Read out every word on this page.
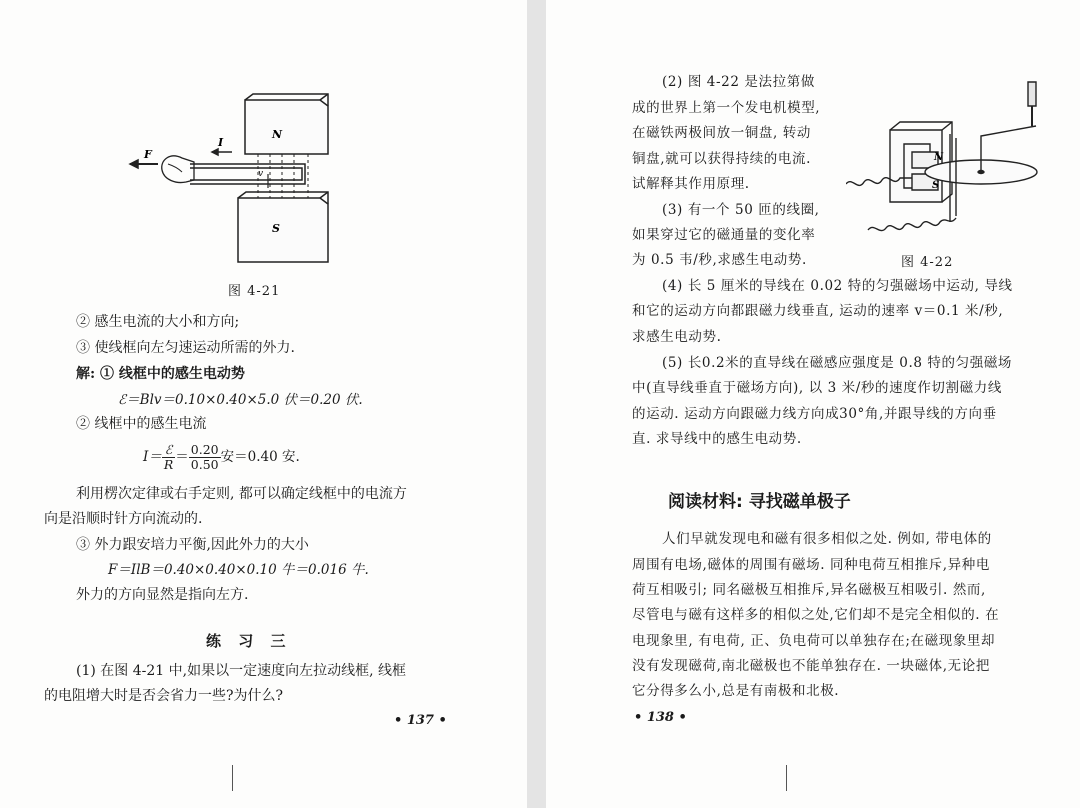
N
S
I
F
v
图 4-21
② 感生电流的大小和方向;
③ 使线框向左匀速运动所需的外力.
解: ① 线框中的感生电动势
ℰ＝Blv＝0.10×0.40×5.0 伏＝0.20 伏.
② 线框中的感生电流
$I= \frac{\text{ℰ}}{R} = \frac{0.20}{0.50}$ 安＝0.40 安.
利用楞次定律或右手定则, 都可以确定线框中的电流方
向是沿顺时针方向流动的.
③ 外力跟安培力平衡,因此外力的大小
F＝IlB＝0.40×0.40×0.10 牛＝0.016 牛.
外力的方向显然是指向左方.
练 习 三
(1) 在图 4-21 中,如果以一定速度向左拉动线框, 线框
的电阻增大时是否会省力一些?为什么?
• 137 •
(2) 图 4-22 是法拉第做
成的世界上第一个发电机模型,
在磁铁两极间放一铜盘, 转动
铜盘,就可以获得持续的电流.
试解释其作用原理.
(3) 有一个 50 匝的线圈,
如果穿过它的磁通量的变化率
为 0.5 韦/秒,求感生电动势.
N
S
图 4-22
(4) 长 5 厘米的导线在 0.02 特的匀强磁场中运动, 导线
和它的运动方向都跟磁力线垂直, 运动的速率 v＝0.1 米/秒,
求感生电动势.
(5) 长0.2米的直导线在磁感应强度是 0.8 特的匀强磁场
中(直导线垂直于磁场方向), 以 3 米/秒的速度作切割磁力线
的运动. 运动方向跟磁力线方向成30°角,并跟导线的方向垂
直. 求导线中的感生电动势.
阅读材料: 寻找磁单极子
人们早就发现电和磁有很多相似之处. 例如, 带电体的
周围有电场,磁体的周围有磁场. 同种电荷互相推斥,异种电
荷互相吸引; 同名磁极互相推斥,异名磁极互相吸引. 然而,
尽管电与磁有这样多的相似之处,它们却不是完全相似的. 在
电现象里, 有电荷, 正、负电荷可以单独存在;在磁现象里却
没有发现磁荷,南北磁极也不能单独存在. 一块磁体,无论把
它分得多么小,总是有南极和北极.
• 138 •
